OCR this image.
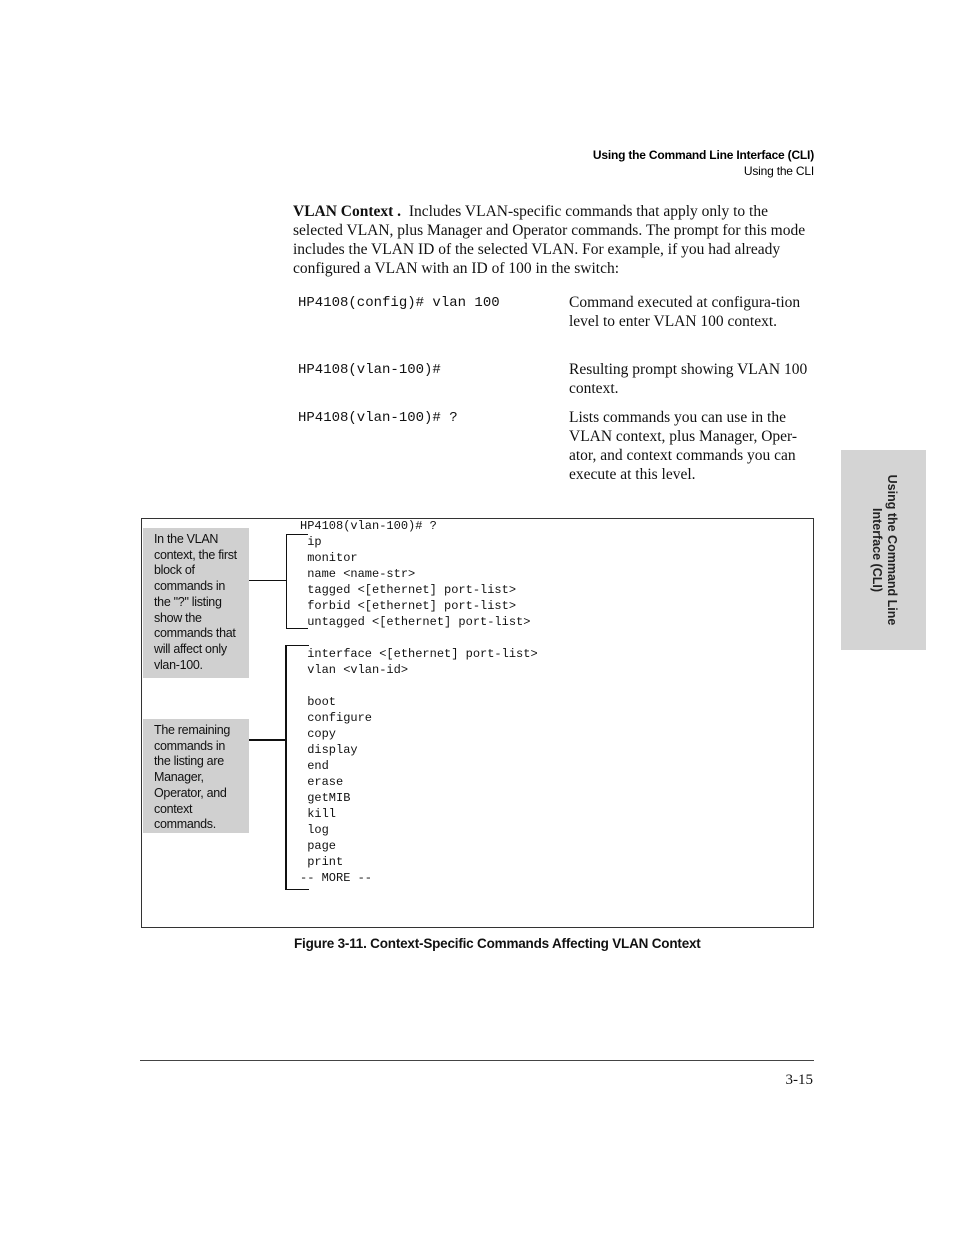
Using the Command Line Interface (CLI)
Using the CLI
VLAN Context . Includes VLAN-specific commands that apply only to the selected VLAN, plus Manager and Operator commands. The prompt for this mode includes the VLAN ID of the selected VLAN. For example, if you had already configured a VLAN with an ID of 100 in the switch:
HP4108(config)# vlan 100	Command executed at configura-tion level to enter VLAN 100 context.
HP4108(vlan-100)#	Resulting prompt showing VLAN 100 context.
HP4108(vlan-100)# ?	Lists commands you can use in the VLAN context, plus Manager, Oper-ator, and context commands you can execute at this level.
Using the Command Line Interface (CLI)
In the VLAN context, the first block of commands in the "?" listing show the commands that will affect only vlan-100.
The remaining commands in the listing are Manager, Operator, and context commands.
HP4108(vlan-100)# ?
ip
monitor
name <name-str>
tagged <[ethernet] port-list>
forbid <[ethernet] port-list>
untagged <[ethernet] port-list>

interface <[ethernet] port-list>
vlan <vlan-id>

boot
configure
copy
display
end
erase
getMIB
kill
log
page
print
-- MORE --
Figure 3-11. Context-Specific Commands Affecting VLAN Context
3-15
